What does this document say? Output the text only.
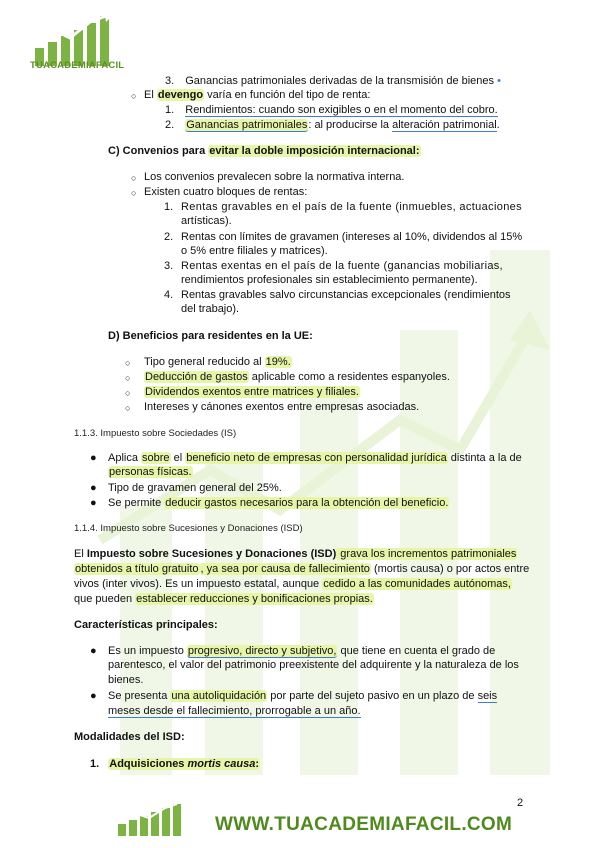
TUACADEMIAFACIL
3. Ganancias patrimoniales derivadas de la transmisión de bienes •
○ El devengo varía en función del tipo de renta:
1. Rendimientos: cuando son exigibles o en el momento del cobro.
2. Ganancias patrimoniales: al producirse la alteración patrimonial.
C) Convenios para evitar la doble imposición internacional:
○ Los convenios prevalecen sobre la normativa interna.
○ Existen cuatro bloques de rentas:
1. Rentas gravables en el país de la fuente (inmuebles, actuaciones
artísticas).
2. Rentas con límites de gravamen (intereses al 10%, dividendos al 15%
o 5% entre filiales y matrices).
3. Rentas exentas en el país de la fuente (ganancias mobiliarias,
rendimientos profesionales sin establecimiento permanente).
4. Rentas gravables salvo circunstancias excepcionales (rendimientos
del trabajo).
D) Beneficios para residentes en la UE:
○ Tipo general reducido al 19%.
○ Deducción de gastos aplicable como a residentes espanyoles.
○ Dividendos exentos entre matrices y filiales.
○ Intereses y cánones exentos entre empresas asociadas.
1.1.3. Impuesto sobre Sociedades (IS)
● Aplica sobre el beneficio neto de empresas con personalidad jurídica distinta a la de
personas físicas.
● Tipo de gravamen general del 25%.
● Se permite deducir gastos necesarios para la obtención del beneficio.
1.1.4. Impuesto sobre Sucesiones y Donaciones (ISD)
El Impuesto sobre Sucesiones y Donaciones (ISD) grava los incrementos patrimoniales
obtenidos a título gratuito , ya sea por causa de fallecimiento (mortis causa) o por actos entre
vivos (inter vivos). Es un impuesto estatal, aunque cedido a las comunidades autónomas,
que pueden establecer reducciones y bonificaciones propias.
Características principales:
● Es un impuesto progresivo, directo y subjetivo, que tiene en cuenta el grado de
parentesco, el valor del patrimonio preexistente del adquirente y la naturaleza de los
bienes.
● Se presenta una autoliquidación por parte del sujeto pasivo en un plazo de seis
meses desde el fallecimiento, prorrogable a un año.
Modalidades del ISD:
1. Adquisiciones mortis causa:
2
WWW.TUACADEMIAFACIL.COM
